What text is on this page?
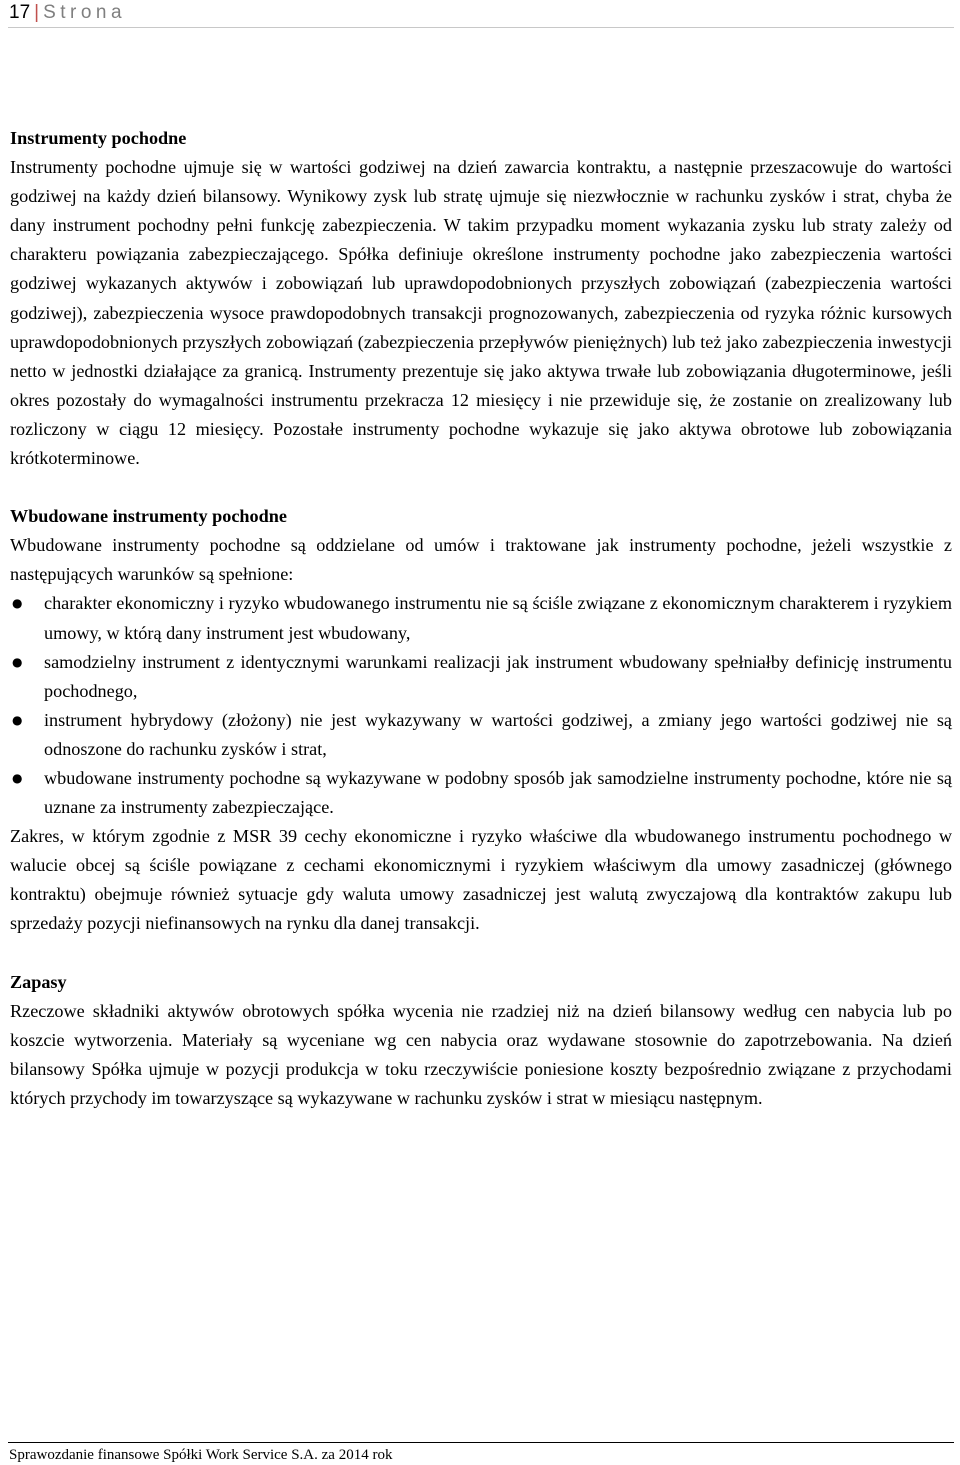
17 | Strona

Instrumenty pochodne

Instrumenty pochodne ujmuje się w wartości godziwej na dzień zawarcia kontraktu, a następnie przeszacowuje do wartości godziwej na każdy dzień bilansowy. Wynikowy zysk lub stratę ujmuje się niezwłocznie w rachunku zysków i strat, chyba że dany instrument pochodny pełni funkcję zabezpieczenia. W takim przypadku moment wykazania zysku lub straty zależy od charakteru powiązania zabezpieczającego. Spółka definiuje określone instrumenty pochodne jako zabezpieczenia wartości godziwej wykazanych aktywów i zobowiązań lub uprawdopodobnionych przyszłych zobowiązań (zabezpieczenia wartości godziwej), zabezpieczenia wysoce prawdopodobnych transakcji prognozowanych, zabezpieczenia od ryzyka różnic kursowych uprawdopodobnionych przyszłych zobowiązań (zabezpieczenia przepływów pieniężnych) lub też jako zabezpieczenia inwestycji netto w jednostki działające za granicą. Instrumenty prezentuje się jako aktywa trwałe lub zobowiązania długoterminowe, jeśli okres pozostały do wymagalności instrumentu przekracza 12 miesięcy i nie przewiduje się, że zostanie on zrealizowany lub rozliczony w ciągu 12 miesięcy. Pozostałe instrumenty pochodne wykazuje się jako aktywa obrotowe lub zobowiązania krótkoterminowe.

Wbudowane instrumenty pochodne

Wbudowane instrumenty pochodne są oddzielane od umów i traktowane jak instrumenty pochodne, jeżeli wszystkie z następujących warunków są spełnione:

● charakter ekonomiczny i ryzyko wbudowanego instrumentu nie są ściśle związane z ekonomicznym charakterem i ryzykiem umowy, w którą dany instrument jest wbudowany,
● samodzielny instrument z identycznymi warunkami realizacji jak instrument wbudowany spełniałby definicję instrumentu pochodnego,
● instrument hybrydowy (złożony) nie jest wykazywany w wartości godziwej, a zmiany jego wartości godziwej nie są odnoszone do rachunku zysków i strat,
● wbudowane instrumenty pochodne są wykazywane w podobny sposób jak samodzielne instrumenty pochodne, które nie są uznane za instrumenty zabezpieczające.

Zakres, w którym zgodnie z MSR 39 cechy ekonomiczne i ryzyko właściwe dla wbudowanego instrumentu pochodnego w walucie obcej są ściśle powiązane z cechami ekonomicznymi i ryzykiem właściwym dla umowy zasadniczej (głównego kontraktu) obejmuje również sytuacje gdy waluta umowy zasadniczej jest walutą zwyczajową dla kontraktów zakupu lub sprzedaży pozycji niefinansowych na rynku dla danej transakcji.

Zapasy

Rzeczowe składniki aktywów obrotowych spółka wycenia nie rzadziej niż na dzień bilansowy według cen nabycia lub po koszcie wytworzenia. Materiały są wyceniane wg cen nabycia oraz wydawane stosownie do zapotrzebowania. Na dzień bilansowy Spółka ujmuje w pozycji produkcja w toku rzeczywiście poniesione koszty bezpośrednio związane z przychodami których przychody im towarzyszące są wykazywane w rachunku zysków i strat w miesiącu następnym.

Sprawozdanie finansowe Spółki Work Service S.A. za 2014 rok
